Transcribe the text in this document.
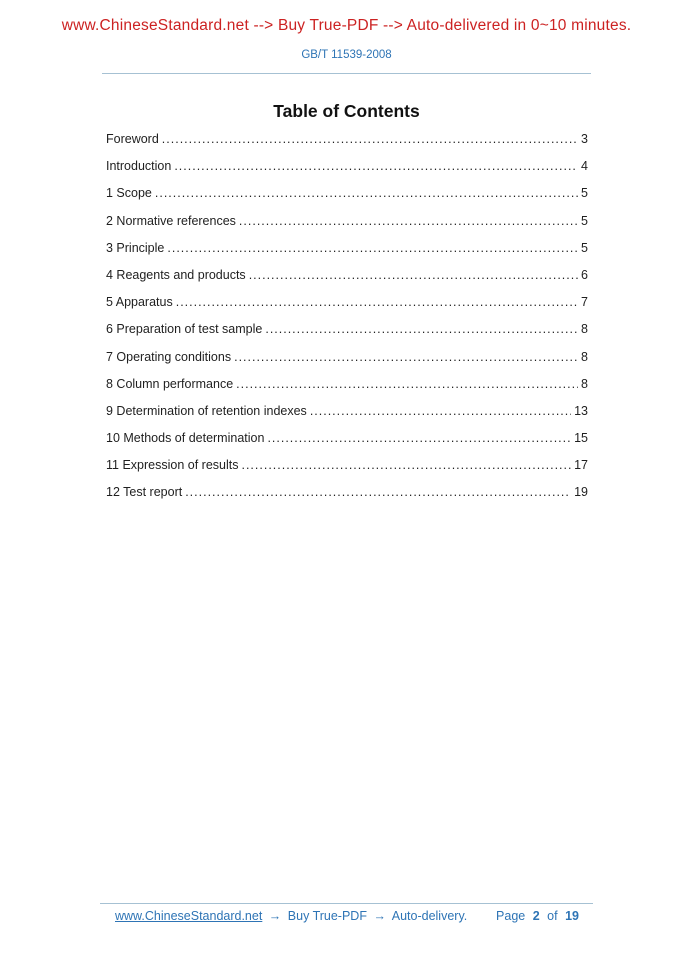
www.ChineseStandard.net --> Buy True-PDF --> Auto-delivered in 0~10 minutes.
GB/T 11539-2008
Table of Contents
Foreword .....	3
Introduction .....	4
1 Scope .....	5
2 Normative references .....	5
3 Principle .....	5
4 Reagents and products .....	6
5 Apparatus .....	7
6 Preparation of test sample .....	8
7 Operating conditions .....	8
8 Column performance .....	8
9 Determination of retention indexes .....	13
10 Methods of determination .....	15
11 Expression of results .....	17
12 Test report .....	19
www.ChineseStandard.net → Buy True-PDF → Auto-delivery.	Page 2 of 19
